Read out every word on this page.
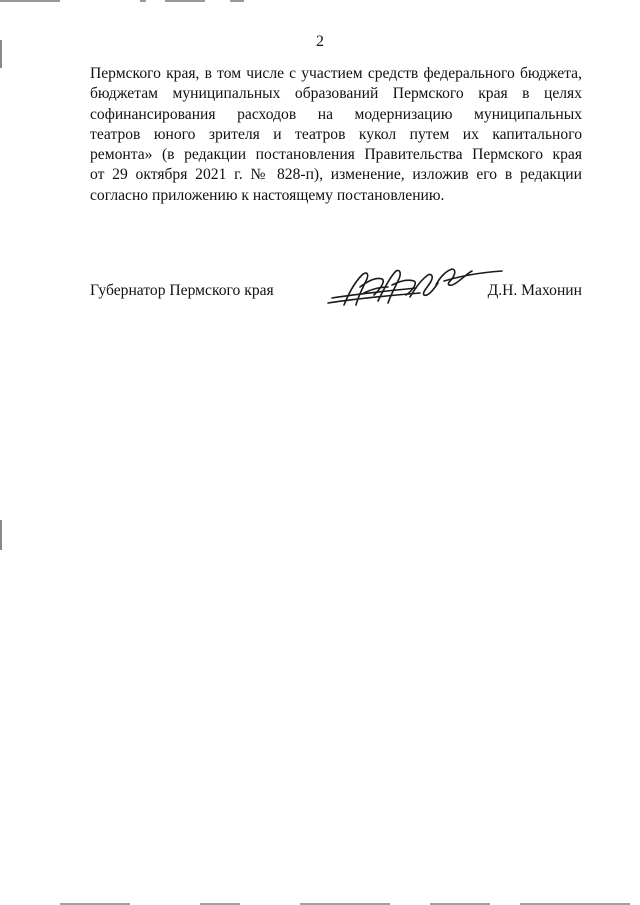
2
Пермского края, в том числе с участием средств федерального бюджета,
бюджетам муниципальных образований Пермского края в целях
софинансирования расходов на модернизацию муниципальных
театров юного зрителя и театров кукол путем их капитального
ремонта» (в редакции постановления Правительства Пермского края
от 29 октября 2021 г. № 828-п), изменение, изложив его в редакции
согласно приложению к настоящему постановлению.
Губернатор Пермского края	Д.Н. Махонин
